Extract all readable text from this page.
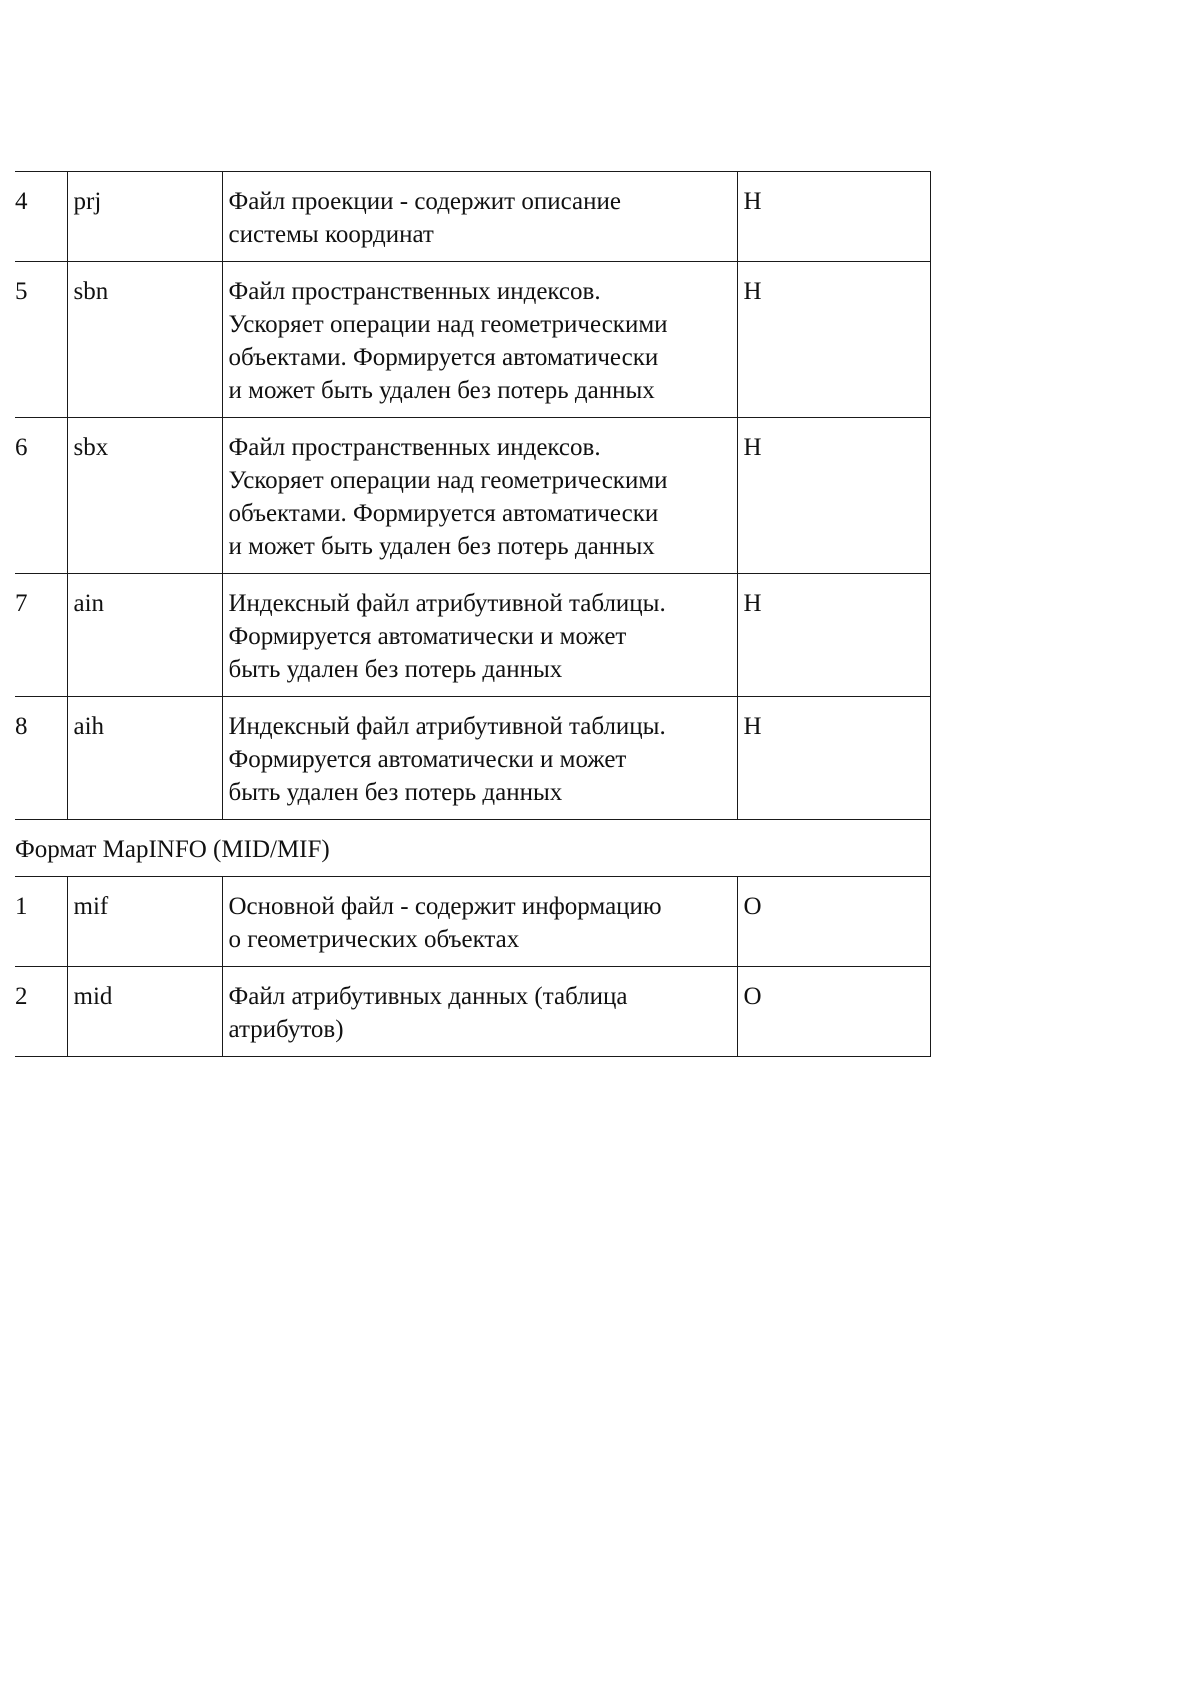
4	prj	Файл проекции - содержит описание
системы координат	Н
5	sbn	Файл пространственных индексов.
Ускоряет операции над геометрическими
объектами. Формируется автоматически
и может быть удален без потерь данных	Н
6	sbx	Файл пространственных индексов.
Ускоряет операции над геометрическими
объектами. Формируется автоматически
и может быть удален без потерь данных	Н
7	ain	Индексный файл атрибутивной таблицы.
Формируется автоматически и может
быть удален без потерь данных	Н
8	aih	Индексный файл атрибутивной таблицы.
Формируется автоматически и может
быть удален без потерь данных	Н
Формат MapINFO (MID/MIF)			
1	mif	Основной файл - содержит информацию
о геометрических объектах	О
2	mid	Файл атрибутивных данных (таблица
атрибутов)	О
